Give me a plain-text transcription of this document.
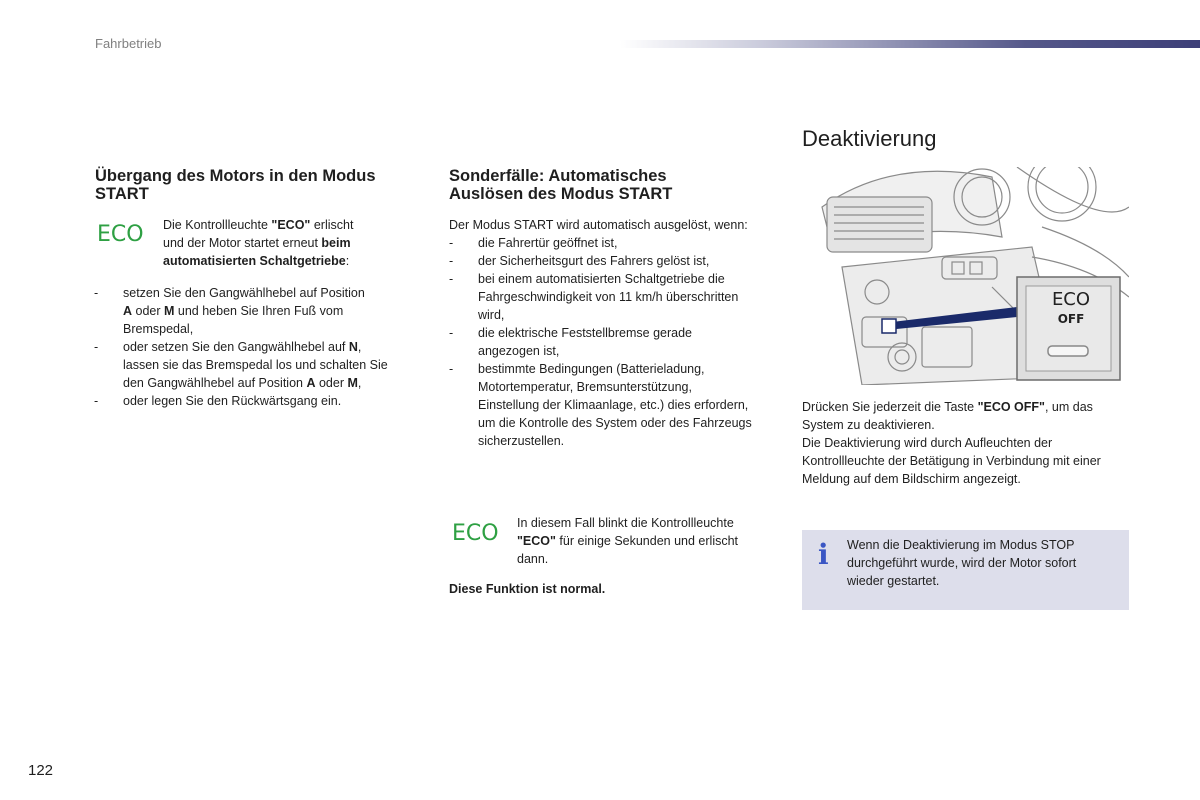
Fahrbetrieb
Übergang des Motors in den Modus
START
ECO Die Kontrollleuchte "ECO" erlischt
und der Motor startet erneut beim
automatisierten Schaltgetriebe:
- setzen Sie den Gangwählhebel auf Position
A oder M und heben Sie Ihren Fuß vom
Bremspedal,
- oder setzen Sie den Gangwählhebel auf N,
lassen sie das Bremspedal los und schalten Sie
den Gangwählhebel auf Position A oder M,
- oder legen Sie den Rückwärtsgang ein.
Sonderfälle: Automatisches
Auslösen des Modus START
Der Modus START wird automatisch ausgelöst, wenn:
- die Fahrertür geöffnet ist,
- der Sicherheitsgurt des Fahrers gelöst ist,
- bei einem automatisierten Schaltgetriebe die
Fahrgeschwindigkeit von 11 km/h überschritten
wird,
- die elektrische Feststellbremse gerade
angezogen ist,
- bestimmte Bedingungen (Batterieladung,
Motortemperatur, Bremsunterstützung,
Einstellung der Klimaanlage, etc.) dies erfordern,
um die Kontrolle des System oder des Fahrzeugs
sicherzustellen.
ECO In diesem Fall blinkt die Kontrollleuchte
"ECO" für einige Sekunden und erlischt
dann.
Diese Funktion ist normal.
Deaktivierung
ECO
OFF
Drücken Sie jederzeit die Taste "ECO OFF", um das
System zu deaktivieren.
Die Deaktivierung wird durch Aufleuchten der
Kontrollleuchte der Betätigung in Verbindung mit einer
Meldung auf dem Bildschirm angezeigt.
i Wenn die Deaktivierung im Modus STOP
durchgeführt wurde, wird der Motor sofort
wieder gestartet.
122
